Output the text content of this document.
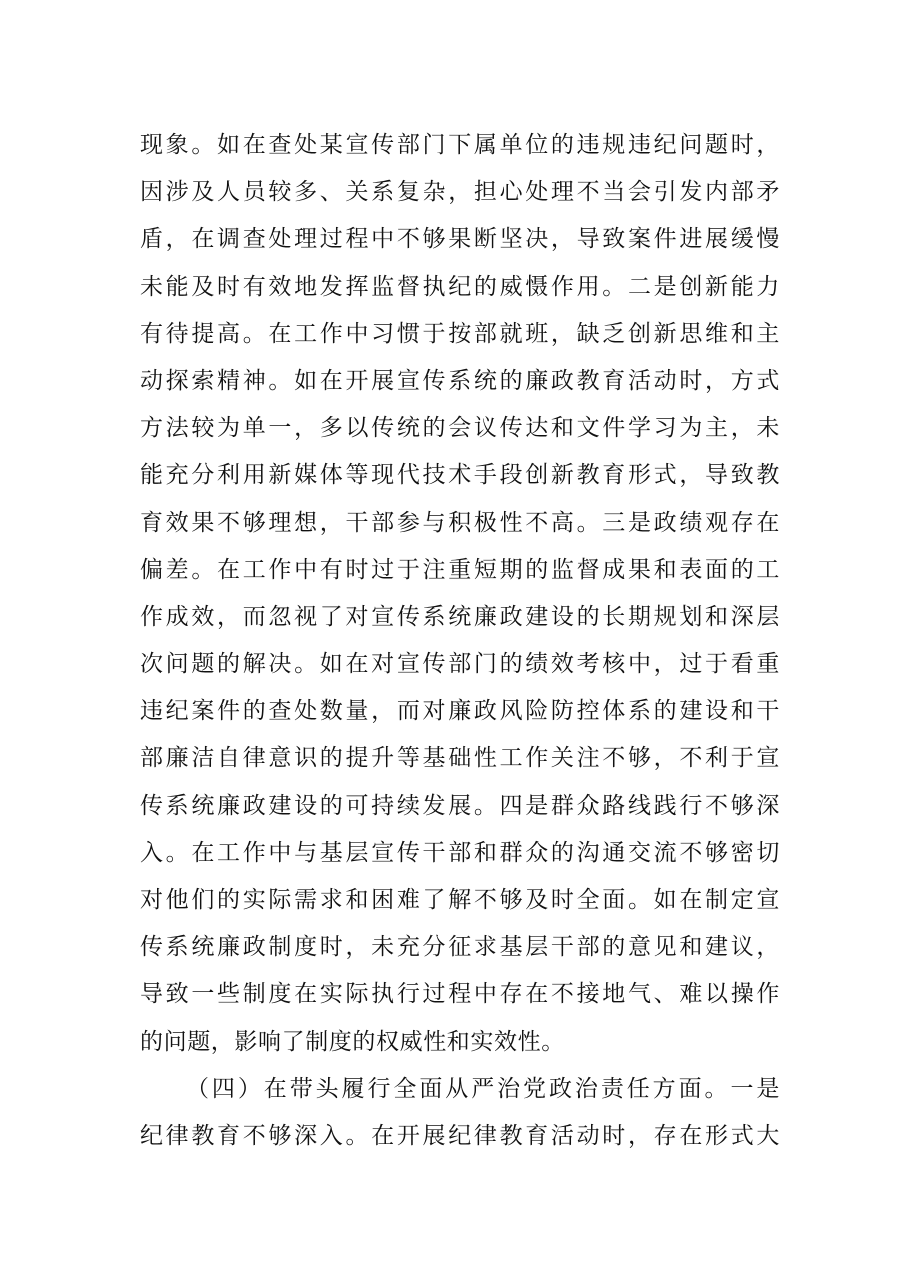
现象。如在查处某宣传部门下属单位的违规违纪问题时，
因涉及人员较多、关系复杂，担心处理不当会引发内部矛
盾，在调查处理过程中不够果断坚决，导致案件进展缓慢
未能及时有效地发挥监督执纪的威慑作用。二是创新能力
有待提高。在工作中习惯于按部就班，缺乏创新思维和主
动探索精神。如在开展宣传系统的廉政教育活动时，方式
方法较为单一，多以传统的会议传达和文件学习为主，未
能充分利用新媒体等现代技术手段创新教育形式，导致教
育效果不够理想，干部参与积极性不高。三是政绩观存在
偏差。在工作中有时过于注重短期的监督成果和表面的工
作成效，而忽视了对宣传系统廉政建设的长期规划和深层
次问题的解决。如在对宣传部门的绩效考核中，过于看重
违纪案件的查处数量，而对廉政风险防控体系的建设和干
部廉洁自律意识的提升等基础性工作关注不够，不利于宣
传系统廉政建设的可持续发展。四是群众路线践行不够深
入。在工作中与基层宣传干部和群众的沟通交流不够密切
对他们的实际需求和困难了解不够及时全面。如在制定宣
传系统廉政制度时，未充分征求基层干部的意见和建议，
导致一些制度在实际执行过程中存在不接地气、难以操作
的问题，影响了制度的权威性和实效性。
（四）在带头履行全面从严治党政治责任方面。一是
纪律教育不够深入。在开展纪律教育活动时，存在形式大
